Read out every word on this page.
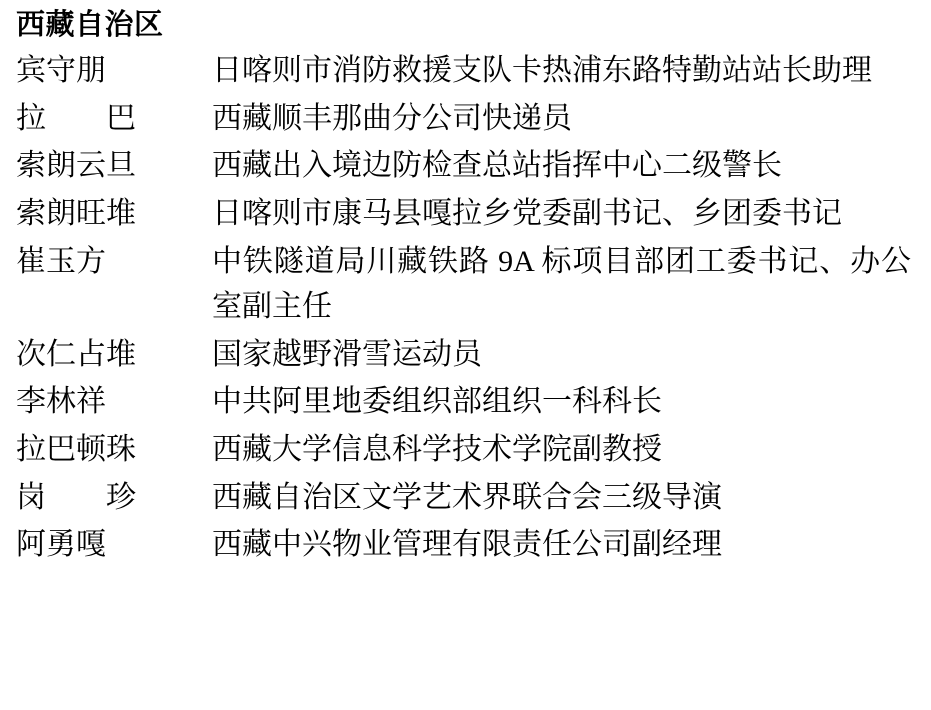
西藏自治区
宾守朋	日喀则市消防救援支队卡热浦东路特勤站站长助理
拉　　巴	西藏顺丰那曲分公司快递员
索朗云旦	西藏出入境边防检查总站指挥中心二级警长
索朗旺堆	日喀则市康马县嘎拉乡党委副书记、乡团委书记
崔玉方	中铁隧道局川藏铁路 9A 标项目部团工委书记、办公室副主任
次仁占堆	国家越野滑雪运动员
李林祥	中共阿里地委组织部组织一科科长
拉巴顿珠	西藏大学信息科学技术学院副教授
岗　　珍	西藏自治区文学艺术界联合会三级导演
阿勇嘎	西藏中兴物业管理有限责任公司副经理
